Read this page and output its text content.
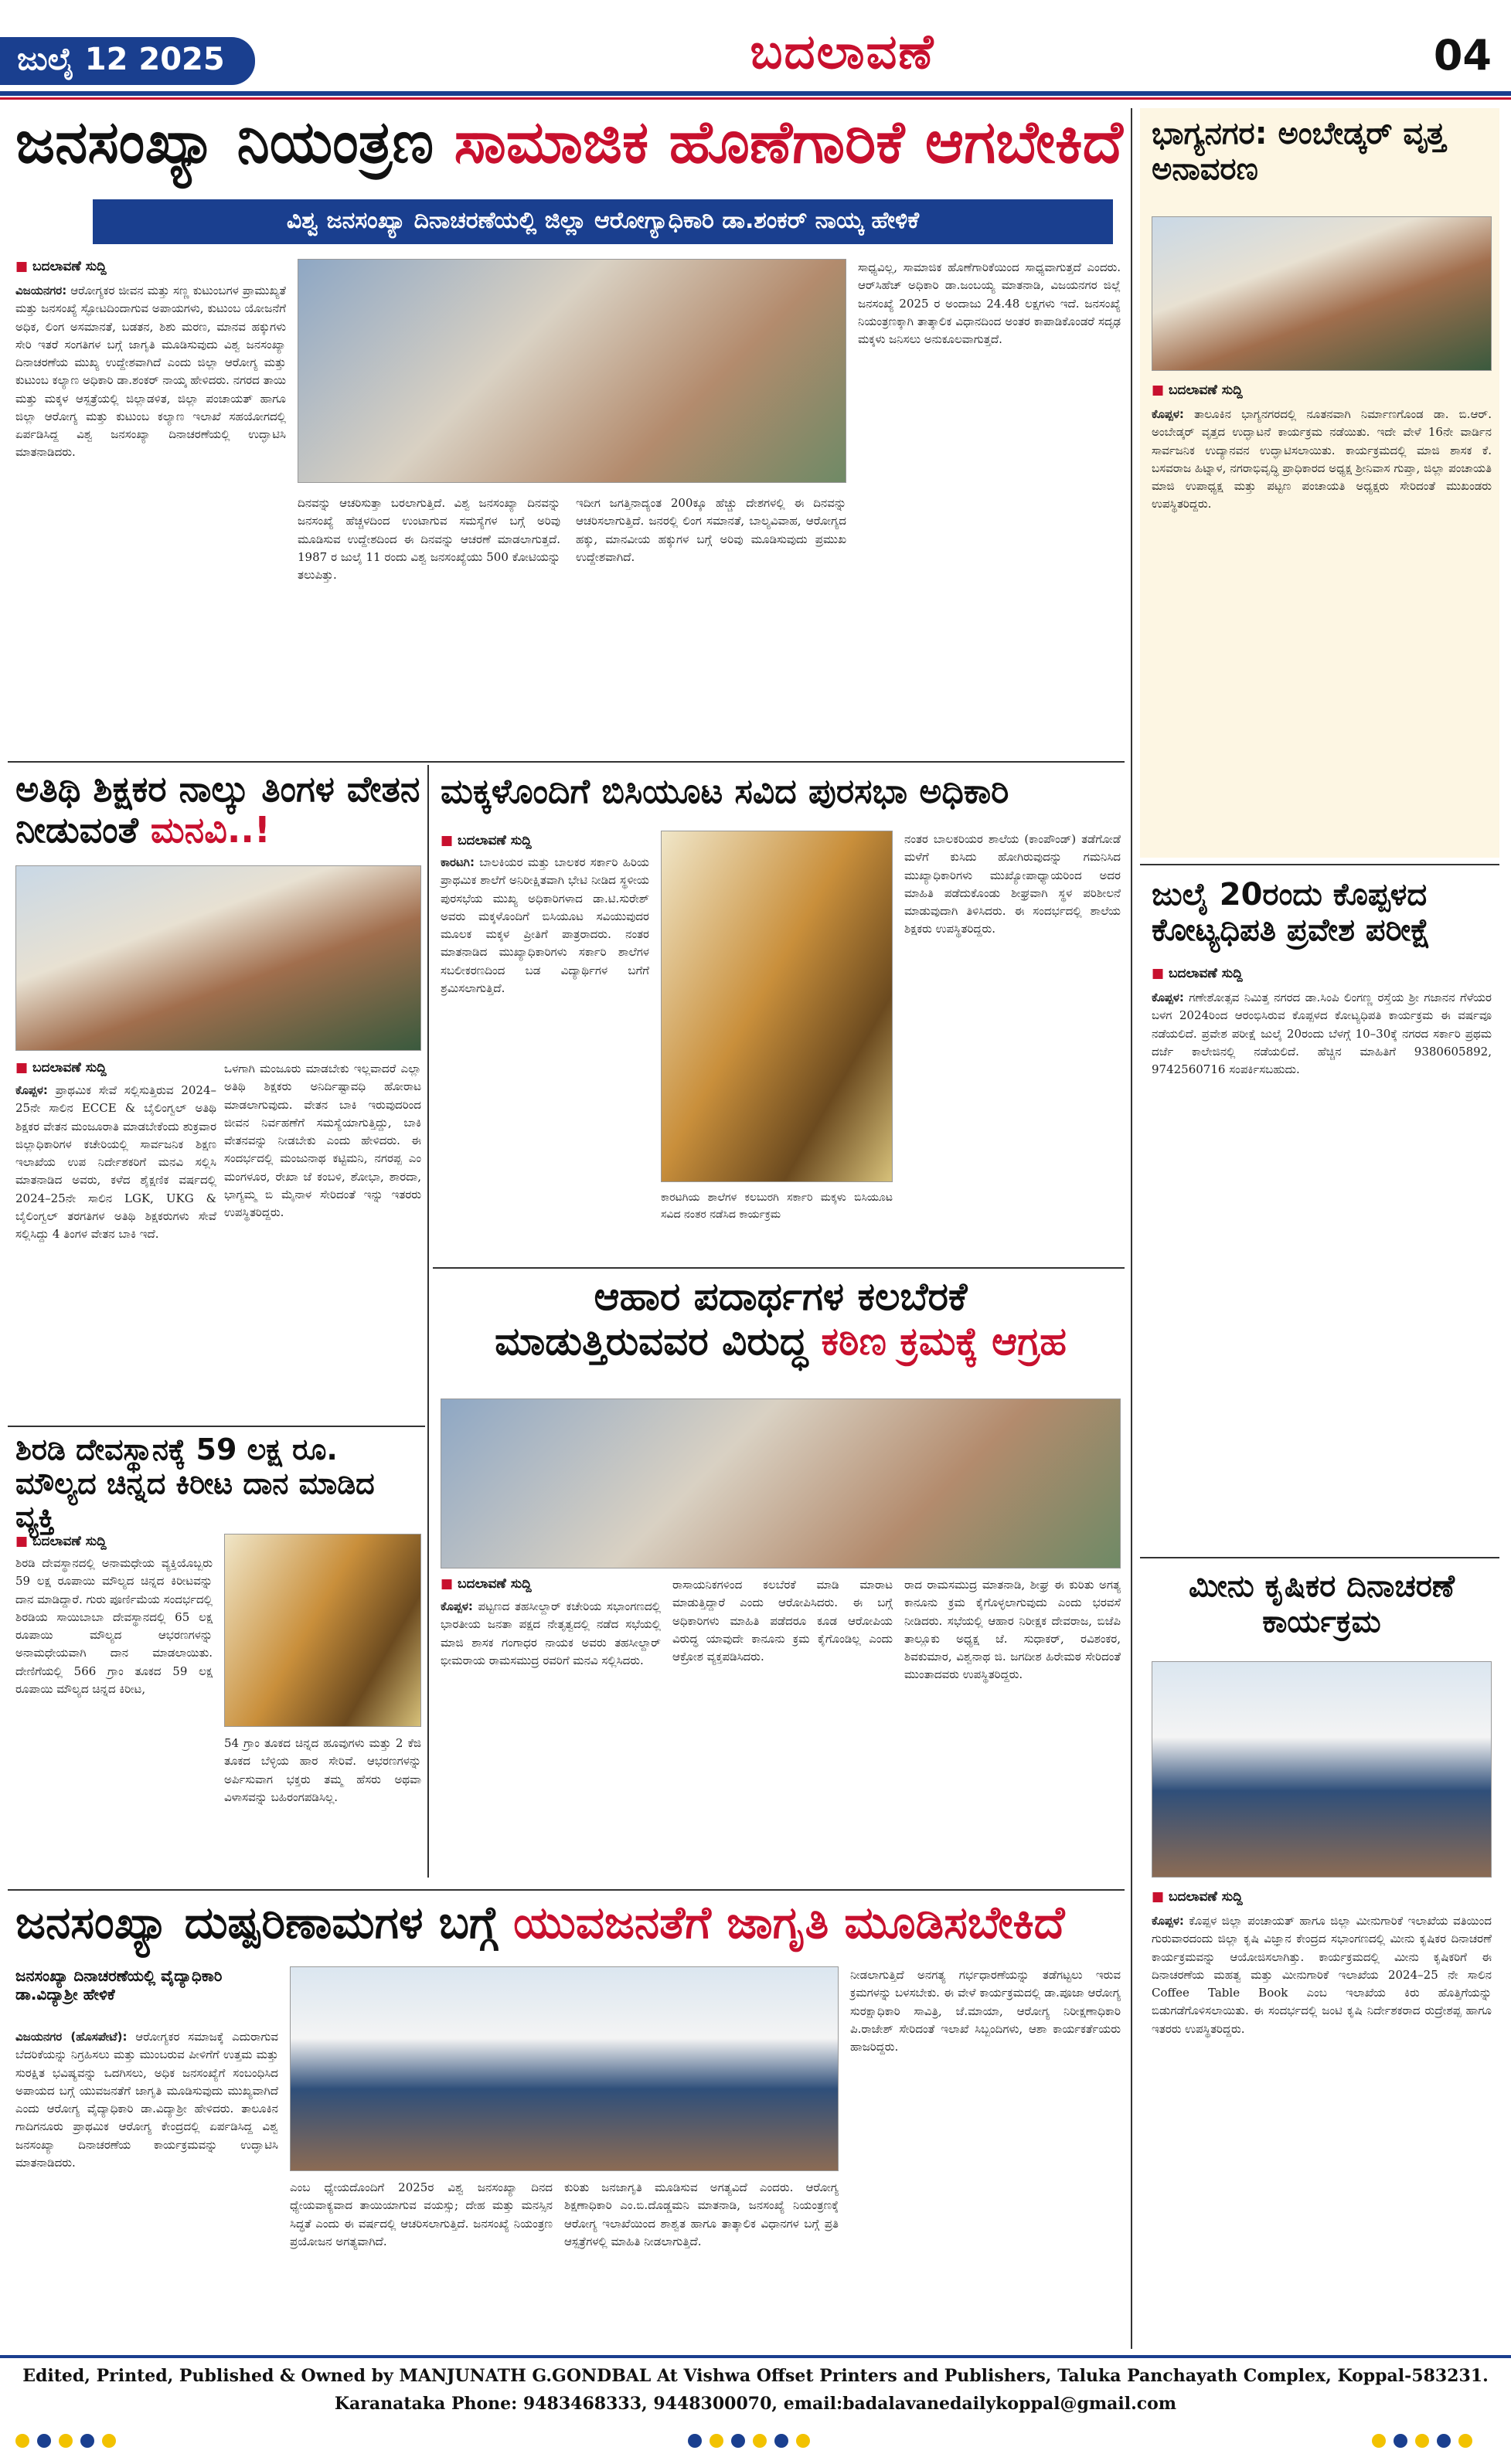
ಜುಲೈ 12 2025	ಬದಲಾವಣೆ	04
ಜನಸಂಖ್ಯಾ ನಿಯಂತ್ರಣ ಸಾಮಾಜಿಕ ಹೊಣೆಗಾರಿಕೆ ಆಗಬೇಕಿದೆ
ವಿಶ್ವ ಜನಸಂಖ್ಯಾ ದಿನಾಚರಣೆಯಲ್ಲಿ ಜಿಲ್ಲಾ ಆರೋಗ್ಯಾಧಿಕಾರಿ ಡಾ.ಶಂಕರ್ ನಾಯ್ಕ ಹೇಳಿಕೆ
■ ಬದಲಾವಣೆ ಸುದ್ದಿ
ವಿಜಯನಗರ: ಆರೋಗ್ಯಕರ ಜೀವನ ಮತ್ತು ಸಣ್ಣ ಕುಟುಂಬಗಳ ಪ್ರಾಮುಖ್ಯತೆ ಮತ್ತು ಜನಸಂಖ್ಯೆ ಸ್ಫೋಟದಿಂದಾಗುವ ಅಪಾಯಗಳು, ಕುಟುಂಬ ಯೋಜನೆಗೆ ಅಧಿಕ, ಲಿಂಗ ಅಸಮಾನತೆ, ಬಡತನ, ಶಿಶು ಮರಣ, ಮಾನವ ಹಕ್ಕುಗಳು ಸೇರಿ ಇತರೆ ಸಂಗತಿಗಳ ಬಗ್ಗೆ ಜಾಗೃತಿ ಮೂಡಿಸುವುದು ವಿಶ್ವ ಜನಸಂಖ್ಯಾ ದಿನಾಚರಣೆಯ ಮುಖ್ಯ ಉದ್ದೇಶವಾಗಿದೆ ಎಂದು ಜಿಲ್ಲಾ ಆರೋಗ್ಯ ಮತ್ತು ಕುಟುಂಬ ಕಲ್ಯಾಣ ಅಧಿಕಾರಿ ಡಾ.ಶಂಕರ್ ನಾಯ್ಕ ಹೇಳಿದರು. ನಗರದ ತಾಯಿ ಮತ್ತು ಮಕ್ಕಳ ಆಸ್ಪತ್ರೆಯಲ್ಲಿ ಜಿಲ್ಲಾಡಳಿತ, ಜಿಲ್ಲಾ ಪಂಚಾಯತ್ ಹಾಗೂ ಜಿಲ್ಲಾ ಆರೋಗ್ಯ ಮತ್ತು ಕುಟುಂಬ ಕಲ್ಯಾಣ ಇಲಾಖೆ ಸಹಯೋಗದಲ್ಲಿ ಏರ್ಪಡಿಸಿದ್ದ ವಿಶ್ವ ಜನಸಂಖ್ಯಾ ದಿನಾಚರಣೆಯಲ್ಲಿ ಉದ್ಘಾಟಿಸಿ ಮಾತನಾಡಿದರು.
ದಿನವನ್ನು ಆಚರಿಸುತ್ತಾ ಬರಲಾಗುತ್ತಿದೆ. ವಿಶ್ವ ಜನಸಂಖ್ಯಾ ದಿನವನ್ನು ಜನಸಂಖ್ಯೆ ಹೆಚ್ಚಳದಿಂದ ಉಂಟಾಗುವ ಸಮಸ್ಯೆಗಳ ಬಗ್ಗೆ ಅರಿವು ಮೂಡಿಸುವ ಉದ್ದೇಶದಿಂದ ಈ ದಿನವನ್ನು ಆಚರಣೆ ಮಾಡಲಾಗುತ್ತದೆ. 1987 ರ ಜುಲೈ 11 ರಂದು ವಿಶ್ವ ಜನಸಂಖ್ಯೆಯು 500 ಕೋಟಿಯನ್ನು ತಲುಪಿತ್ತು.
ಇದೀಗ ಜಗತ್ತಿನಾದ್ಯಂತ 200ಕ್ಕೂ ಹೆಚ್ಚು ದೇಶಗಳಲ್ಲಿ ಈ ದಿನವನ್ನು ಆಚರಿಸಲಾಗುತ್ತಿದೆ. ಜನರಲ್ಲಿ ಲಿಂಗ ಸಮಾನತೆ, ಬಾಲ್ಯವಿವಾಹ, ಆರೋಗ್ಯದ ಹಕ್ಕು, ಮಾನವೀಯ ಹಕ್ಕುಗಳ ಬಗ್ಗೆ ಅರಿವು ಮೂಡಿಸುವುದು ಪ್ರಮುಖ ಉದ್ದೇಶವಾಗಿದೆ.
ಸಾಧ್ಯವಿಲ್ಲ, ಸಾಮಾಜಿಕ ಹೊಣೆಗಾರಿಕೆಯಿಂದ ಸಾಧ್ಯವಾಗುತ್ತದೆ ಎಂದರು. ಆರ್‌ಸಿಹೆಚ್ ಅಧಿಕಾರಿ ಡಾ.ಜಂಬಯ್ಯ ಮಾತನಾಡಿ, ವಿಜಯನಗರ ಜಿಲ್ಲೆ ಜನಸಂಖ್ಯೆ 2025 ರ ಅಂದಾಜು 24.48 ಲಕ್ಷಗಳು ಇದೆ. ಜನಸಂಖ್ಯೆ ನಿಯಂತ್ರಣಕ್ಕಾಗಿ ತಾತ್ಕಾಲಿಕ ವಿಧಾನದಿಂದ ಅಂತರ ಕಾಪಾಡಿಕೊಂಡರೆ ಸದೃಢ ಮಕ್ಕಳು ಜನಿಸಲು ಅನುಕೂಲವಾಗುತ್ತದೆ.
ಭಾಗ್ಯನಗರ: ಅಂಬೇಡ್ಕರ್ ವೃತ್ತ ಅನಾವರಣ
■ ಬದಲಾವಣೆ ಸುದ್ದಿ
ಕೊಪ್ಪಳ: ತಾಲೂಕಿನ ಭಾಗ್ಯನಗರದಲ್ಲಿ ನೂತನವಾಗಿ ನಿರ್ಮಾಣಗೊಂಡ ಡಾ. ಬಿ.ಆರ್. ಅಂಬೇಡ್ಕರ್ ವೃತ್ತದ ಉದ್ಘಾಟನೆ ಕಾರ್ಯಕ್ರಮ ನಡೆಯಿತು. ಇದೇ ವೇಳೆ 16ನೇ ವಾರ್ಡಿನ ಸಾರ್ವಜನಿಕ ಉದ್ಯಾನವನ ಉದ್ಘಾಟಿಸಲಾಯಿತು. ಕಾರ್ಯಕ್ರಮದಲ್ಲಿ ಮಾಜಿ ಶಾಸಕ ಕೆ. ಬಸವರಾಜ ಹಿಟ್ನಾಳ, ನಗರಾಭಿವೃದ್ಧಿ ಪ್ರಾಧಿಕಾರದ ಅಧ್ಯಕ್ಷ ಶ್ರೀನಿವಾಸ ಗುಪ್ತಾ, ಜಿಲ್ಲಾ ಪಂಚಾಯತಿ ಮಾಜಿ ಉಪಾಧ್ಯಕ್ಷ ಮತ್ತು ಪಟ್ಟಣ ಪಂಚಾಯತಿ ಅಧ್ಯಕ್ಷರು ಸೇರಿದಂತೆ ಮುಖಂಡರು ಉಪಸ್ಥಿತರಿದ್ದರು.
ಜುಲೈ 20ರಂದು ಕೊಪ್ಪಳದ ಕೋಟ್ಯಧಿಪತಿ ಪ್ರವೇಶ ಪರೀಕ್ಷೆ
■ ಬದಲಾವಣೆ ಸುದ್ದಿ
ಕೊಪ್ಪಳ: ಗಣೇಶೋತ್ಸವ ನಿಮಿತ್ತ ನಗರದ ಡಾ.ಸಿಂಪಿ ಲಿಂಗಣ್ಣ ರಸ್ತೆಯ ಶ್ರೀ ಗಜಾನನ ಗೆಳೆಯರ ಬಳಗ 2024ರಿಂದ ಆರಂಭಿಸಿರುವ ಕೊಪ್ಪಳದ ಕೋಟ್ಯಧಿಪತಿ ಕಾರ್ಯಕ್ರಮ ಈ ವರ್ಷವೂ ನಡೆಯಲಿದೆ. ಪ್ರವೇಶ ಪರೀಕ್ಷೆ ಜುಲೈ 20ರಂದು ಬೆಳಗ್ಗೆ 10–30ಕ್ಕೆ ನಗರದ ಸರ್ಕಾರಿ ಪ್ರಥಮ ದರ್ಜೆ ಕಾಲೇಜಿನಲ್ಲಿ ನಡೆಯಲಿದೆ. ಹೆಚ್ಚಿನ ಮಾಹಿತಿಗೆ 9380605892, 9742560716 ಸಂಪರ್ಕಿಸಬಹುದು.
ಮೀನು ಕೃಷಿಕರ ದಿನಾಚರಣೆ ಕಾರ್ಯಕ್ರಮ
■ ಬದಲಾವಣೆ ಸುದ್ದಿ
ಕೊಪ್ಪಳ: ಕೊಪ್ಪಳ ಜಿಲ್ಲಾ ಪಂಚಾಯತ್ ಹಾಗೂ ಜಿಲ್ಲಾ ಮೀನುಗಾರಿಕೆ ಇಲಾಖೆಯ ವತಿಯಿಂದ ಗುರುವಾರದಂದು ಜಿಲ್ಲಾ ಕೃಷಿ ವಿಜ್ಞಾನ ಕೇಂದ್ರದ ಸಭಾಂಗಣದಲ್ಲಿ ಮೀನು ಕೃಷಿಕರ ದಿನಾಚರಣೆ ಕಾರ್ಯಕ್ರಮವನ್ನು ಆಯೋಜಿಸಲಾಗಿತ್ತು. ಕಾರ್ಯಕ್ರಮದಲ್ಲಿ ಮೀನು ಕೃಷಿಕರಿಗೆ ಈ ದಿನಾಚರಣೆಯ ಮಹತ್ವ ಮತ್ತು ಮೀನುಗಾರಿಕೆ ಇಲಾಖೆಯ 2024–25 ನೇ ಸಾಲಿನ Coffee Table Book ಎಂಬ ಇಲಾಖೆಯ ಕಿರು ಹೊತ್ತಿಗೆಯನ್ನು ಬಿಡುಗಡೆಗೊಳಿಸಲಾಯಿತು. ಈ ಸಂದರ್ಭದಲ್ಲಿ ಜಂಟಿ ಕೃಷಿ ನಿರ್ದೇಶಕರಾದ ರುದ್ರೇಶಪ್ಪ ಹಾಗೂ ಇತರರು ಉಪಸ್ಥಿತರಿದ್ದರು.
ಅತಿಥಿ ಶಿಕ್ಷಕರ ನಾಲ್ಕು ತಿಂಗಳ ವೇತನ ನೀಡುವಂತೆ ಮನವಿ..!
■ ಬದಲಾವಣೆ ಸುದ್ದಿ
ಕೊಪ್ಪಳ: ಪ್ರಾಥಮಿಕ ಸೇವೆ ಸಲ್ಲಿಸುತ್ತಿರುವ 2024–25ನೇ ಸಾಲಿನ ECCE & ಬೈಲಿಂಗ್ವಲ್ ಅತಿಥಿ ಶಿಕ್ಷಕರ ವೇತನ ಮಂಜೂರಾತಿ ಮಾಡಬೇಕೆಂದು ಶುಕ್ರವಾರ ಜಿಲ್ಲಾಧಿಕಾರಿಗಳ ಕಚೇರಿಯಲ್ಲಿ ಸಾರ್ವಜನಿಕ ಶಿಕ್ಷಣ ಇಲಾಖೆಯ ಉಪ ನಿರ್ದೇಶಕರಿಗೆ ಮನವಿ ಸಲ್ಲಿಸಿ ಮಾತನಾಡಿದ ಅವರು, ಕಳೆದ ಶೈಕ್ಷಣಿಕ ವರ್ಷದಲ್ಲಿ 2024–25ನೇ ಸಾಲಿನ LGK, UKG & ಬೈಲಿಂಗ್ವಲ್ ತರಗತಿಗಳ ಅತಿಥಿ ಶಿಕ್ಷಕರುಗಳು ಸೇವೆ ಸಲ್ಲಿಸಿದ್ದು 4 ತಿಂಗಳ ವೇತನ ಬಾಕಿ ಇದೆ.
ಒಳಗಾಗಿ ಮಂಜೂರು ಮಾಡಬೇಕು ಇಲ್ಲವಾದರೆ ಎಲ್ಲಾ ಅತಿಥಿ ಶಿಕ್ಷಕರು ಅನಿರ್ದಿಷ್ಟಾವಧಿ ಹೋರಾಟ ಮಾಡಲಾಗುವುದು. ವೇತನ ಬಾಕಿ ಇರುವುದರಿಂದ ಜೀವನ ನಿರ್ವಹಣೆಗೆ ಸಮಸ್ಯೆಯಾಗುತ್ತಿದ್ದು, ಬಾಕಿ ವೇತನವನ್ನು ನೀಡಬೇಕು ಎಂದು ಹೇಳಿದರು. ಈ ಸಂದರ್ಭದಲ್ಲಿ ಮಂಜುನಾಥ ಕಟ್ಟಿಮನಿ, ನಗರಪ್ಪ ಎಂ ಮಂಗಳೂರ, ರೇಖಾ ಜೆ ಕಂಬಳಿ, ಶೋಭಾ, ಶಾರದಾ, ಭಾಗ್ಯಮ್ಮ ಬಿ ಮೈನಾಳ ಸೇರಿದಂತೆ ಇನ್ನು ಇತರರು ಉಪಸ್ಥಿತರಿದ್ದರು.
ಮಕ್ಕಳೊಂದಿಗೆ ಬಿಸಿಯೂಟ ಸವಿದ ಪುರಸಭಾ ಅಧಿಕಾರಿ
■ ಬದಲಾವಣೆ ಸುದ್ದಿ
ಕಾರಟಗಿ: ಬಾಲಕಿಯರ ಮತ್ತು ಬಾಲಕರ ಸರ್ಕಾರಿ ಹಿರಿಯ ಪ್ರಾಥಮಿಕ ಶಾಲೆಗೆ ಅನಿರೀಕ್ಷಿತವಾಗಿ ಭೇಟಿ ನೀಡಿದ ಸ್ಥಳೀಯ ಪುರಸಭೆಯ ಮುಖ್ಯ ಅಧಿಕಾರಿಗಳಾದ ಡಾ.ಟಿ.ಸುರೇಶ್ ಅವರು ಮಕ್ಕಳೊಂದಿಗೆ ಬಿಸಿಯೂಟ ಸವಿಯುವುದರ ಮೂಲಕ ಮಕ್ಕಳ ಪ್ರೀತಿಗೆ ಪಾತ್ರರಾದರು. ನಂತರ ಮಾತನಾಡಿದ ಮುಖ್ಯಾಧಿಕಾರಿಗಳು ಸರ್ಕಾರಿ ಶಾಲೆಗಳ ಸಬಲೀಕರಣದಿಂದ ಬಡ ವಿದ್ಯಾರ್ಥಿಗಳ ಬಗೆಗೆ ಶ್ರಮಿಸಲಾಗುತ್ತಿದೆ.
ಕಾರಟಗಿಯ ಶಾಲೆಗಳ ಕಲಬುರಗಿ ಸರ್ಕಾರಿ ಮಕ್ಕಳು ಬಿಸಿಯೂಟ ಸವಿದ ನಂತರ ನಡೆಸಿದ ಕಾರ್ಯಕ್ರಮ
ನಂತರ ಬಾಲಕರಿಯರ ಶಾಲೆಯ (ಕಾಂಪೌಂಡ್) ತಡೆಗೋಡೆ ಮಳೆಗೆ ಕುಸಿದು ಹೋಗಿರುವುದನ್ನು ಗಮನಿಸಿದ ಮುಖ್ಯಾಧಿಕಾರಿಗಳು ಮುಖ್ಯೋಪಾಧ್ಯಾಯರಿಂದ ಅದರ ಮಾಹಿತಿ ಪಡೆದುಕೊಂಡು ಶೀಘ್ರವಾಗಿ ಸ್ಥಳ ಪರಿಶೀಲನೆ ಮಾಡುವುದಾಗಿ ತಿಳಿಸಿದರು. ಈ ಸಂದರ್ಭದಲ್ಲಿ ಶಾಲೆಯ ಶಿಕ್ಷಕರು ಉಪಸ್ಥಿತರಿದ್ದರು.
ಆಹಾರ ಪದಾರ್ಥಗಳ ಕಲಬೆರಕೆ
ಮಾಡುತ್ತಿರುವವರ ವಿರುದ್ಧ ಕಠಿಣ ಕ್ರಮಕ್ಕೆ ಆಗ್ರಹ
■ ಬದಲಾವಣೆ ಸುದ್ದಿ
ಕೊಪ್ಪಳ: ಪಟ್ಟಣದ ತಹಸೀಲ್ದಾರ್ ಕಚೇರಿಯ ಸಭಾಂಗಣದಲ್ಲಿ ಭಾರತೀಯ ಜನತಾ ಪಕ್ಷದ ನೇತೃತ್ವದಲ್ಲಿ ನಡೆದ ಸಭೆಯಲ್ಲಿ ಮಾಜಿ ಶಾಸಕ ಗಂಗಾಧರ ನಾಯಕ ಅವರು ತಹಸೀಲ್ದಾರ್ ಭೀಮರಾಯ ರಾಮಸಮುದ್ರ ರವರಿಗೆ ಮನವಿ ಸಲ್ಲಿಸಿದರು.
ರಾಸಾಯನಿಕಗಳಿಂದ ಕಲಬೆರಕೆ ಮಾಡಿ ಮಾರಾಟ ಮಾಡುತ್ತಿದ್ದಾರೆ ಎಂದು ಆರೋಪಿಸಿದರು. ಈ ಬಗ್ಗೆ ಅಧಿಕಾರಿಗಳು ಮಾಹಿತಿ ಪಡೆದರೂ ಕೂಡ ಆರೋಪಿಯ ವಿರುದ್ಧ ಯಾವುದೇ ಕಾನೂನು ಕ್ರಮ ಕೈಗೊಂಡಿಲ್ಲ ಎಂದು ಆಕ್ರೋಶ ವ್ಯಕ್ತಪಡಿಸಿದರು.
ರಾದ ರಾಮಸಮುದ್ರ ಮಾತನಾಡಿ, ಶೀಘ್ರ ಈ ಕುರಿತು ಅಗತ್ಯ ಕಾನೂನು ಕ್ರಮ ಕೈಗೊಳ್ಳಲಾಗುವುದು ಎಂದು ಭರವಸೆ ನೀಡಿದರು. ಸಭೆಯಲ್ಲಿ ಆಹಾರ ನಿರೀಕ್ಷಕ ದೇವರಾಜ, ಬಿಜೆಪಿ ತಾಲ್ಲೂಕು ಅಧ್ಯಕ್ಷ ಜೆ. ಸುಧಾಕರ್, ರವಿಶಂಕರ, ಶಿವಕುಮಾರ, ವಿಶ್ವನಾಥ ಜಿ. ಜಗದೀಶ ಹಿರೇಮಠ ಸೇರಿದಂತೆ ಮುಂತಾದವರು ಉಪಸ್ಥಿತರಿದ್ದರು.
ಶಿರಡಿ ದೇವಸ್ಥಾನಕ್ಕೆ 59 ಲಕ್ಷ ರೂ. ಮೌಲ್ಯದ ಚಿನ್ನದ ಕಿರೀಟ ದಾನ ಮಾಡಿದ ವ್ಯಕ್ತಿ
■ ಬದಲಾವಣೆ ಸುದ್ದಿ
ಶಿರಡಿ ದೇವಸ್ಥಾನದಲ್ಲಿ ಅನಾಮಧೇಯ ವ್ಯಕ್ತಿಯೊಬ್ಬರು 59 ಲಕ್ಷ ರೂಪಾಯಿ ಮೌಲ್ಯದ ಚಿನ್ನದ ಕಿರೀಟವನ್ನು ದಾನ ಮಾಡಿದ್ದಾರೆ. ಗುರು ಪೂರ್ಣಿಮೆಯ ಸಂದರ್ಭದಲ್ಲಿ ಶಿರಡಿಯ ಸಾಯಿಬಾಬಾ ದೇವಸ್ಥಾನದಲ್ಲಿ 65 ಲಕ್ಷ ರೂಪಾಯಿ ಮೌಲ್ಯದ ಆಭರಣಗಳನ್ನು ಅನಾಮಧೇಯವಾಗಿ ದಾನ ಮಾಡಲಾಯಿತು. ದೇಣಿಗೆಯಲ್ಲಿ 566 ಗ್ರಾಂ ತೂಕದ 59 ಲಕ್ಷ ರೂಪಾಯಿ ಮೌಲ್ಯದ ಚಿನ್ನದ ಕಿರೀಟ,
54 ಗ್ರಾಂ ತೂಕದ ಚಿನ್ನದ ಹೂವುಗಳು ಮತ್ತು 2 ಕೆಜಿ ತೂಕದ ಬೆಳ್ಳಿಯ ಹಾರ ಸೇರಿವೆ. ಆಭರಣಗಳನ್ನು ಅರ್ಪಿಸುವಾಗ ಭಕ್ತರು ತಮ್ಮ ಹೆಸರು ಅಥವಾ ವಿಳಾಸವನ್ನು ಬಹಿರಂಗಪಡಿಸಿಲ್ಲ.
ಜನಸಂಖ್ಯಾ ದುಷ್ಪರಿಣಾಮಗಳ ಬಗ್ಗೆ ಯುವಜನತೆಗೆ ಜಾಗೃತಿ ಮೂಡಿಸಬೇಕಿದೆ
ಜನಸಂಖ್ಯಾ ದಿನಾಚರಣೆಯಲ್ಲಿ ವೈದ್ಯಾಧಿಕಾರಿ ಡಾ.ವಿದ್ಯಾಶ್ರೀ ಹೇಳಿಕೆ
ವಿಜಯನಗರ (ಹೊಸಪೇಟೆ): ಆರೋಗ್ಯಕರ ಸಮಾಜಕ್ಕೆ ಎದುರಾಗುವ ಬೆದರಿಕೆಯನ್ನು ನಿಗ್ರಹಿಸಲು ಮತ್ತು ಮುಂಬರುವ ಪೀಳಿಗೆಗೆ ಉತ್ತಮ ಮತ್ತು ಸುರಕ್ಷಿತ ಭವಿಷ್ಯವನ್ನು ಒದಗಿಸಲು, ಅಧಿಕ ಜನಸಂಖ್ಯೆಗೆ ಸಂಬಂಧಿಸಿದ ಅಪಾಯದ ಬಗ್ಗೆ ಯುವಜನತೆಗೆ ಜಾಗೃತಿ ಮೂಡಿಸುವುದು ಮುಖ್ಯವಾಗಿದೆ ಎಂದು ಆರೋಗ್ಯ ವೈದ್ಯಾಧಿಕಾರಿ ಡಾ.ವಿದ್ಯಾಶ್ರೀ ಹೇಳಿದರು. ತಾಲೂಕಿನ ಗಾದಿಗನೂರು ಪ್ರಾಥಮಿಕ ಆರೋಗ್ಯ ಕೇಂದ್ರದಲ್ಲಿ ಏರ್ಪಡಿಸಿದ್ದ ವಿಶ್ವ ಜನಸಂಖ್ಯಾ ದಿನಾಚರಣೆಯ ಕಾರ್ಯಕ್ರಮವನ್ನು ಉದ್ಘಾಟಿಸಿ ಮಾತನಾಡಿದರು.
ಎಂಬ ಧ್ಯೇಯದೊಂದಿಗೆ 2025ರ ವಿಶ್ವ ಜನಸಂಖ್ಯಾ ದಿನದ ಧ್ಯೇಯವಾಕ್ಯವಾದ ತಾಯಿಯಾಗುವ ವಯಸ್ಸು; ದೇಹ ಮತ್ತು ಮನಸ್ಸಿನ ಸಿದ್ಧತೆ ಎಂದು ಈ ವರ್ಷದಲ್ಲಿ ಆಚರಿಸಲಾಗುತ್ತಿದೆ. ಜನಸಂಖ್ಯೆ ನಿಯಂತ್ರಣ ಪ್ರಯೋಜನ ಅಗತ್ಯವಾಗಿದೆ.
ಕುರಿತು ಜನಜಾಗೃತಿ ಮೂಡಿಸುವ ಅಗತ್ಯವಿದೆ ಎಂದರು. ಆರೋಗ್ಯ ಶಿಕ್ಷಣಾಧಿಕಾರಿ ಎಂ.ಬಿ.ದೊಡ್ಡಮನಿ ಮಾತನಾಡಿ, ಜನಸಂಖ್ಯೆ ನಿಯಂತ್ರಣಕ್ಕೆ ಆರೋಗ್ಯ ಇಲಾಖೆಯಿಂದ ಶಾಶ್ವತ ಹಾಗೂ ತಾತ್ಕಾಲಿಕ ವಿಧಾನಗಳ ಬಗ್ಗೆ ಪ್ರತಿ ಆಸ್ಪತ್ರೆಗಳಲ್ಲಿ ಮಾಹಿತಿ ನೀಡಲಾಗುತ್ತಿದೆ.
ನೀಡಲಾಗುತ್ತಿದೆ ಅನಗತ್ಯ ಗರ್ಭಧಾರಣೆಯನ್ನು ತಡೆಗಟ್ಟಲು ಇರುವ ಕ್ರಮಗಳನ್ನು ಬಳಸಬೇಕು. ಈ ವೇಳೆ ಕಾರ್ಯಕ್ರಮದಲ್ಲಿ ಡಾ.ಪೂಜಾ ಆರೋಗ್ಯ ಸುರಕ್ಷಾಧಿಕಾರಿ ಸಾವಿತ್ರಿ, ಜೆ.ಮಾಯಾ, ಆರೋಗ್ಯ ನಿರೀಕ್ಷಣಾಧಿಕಾರಿ ಪಿ.ರಾಜೇಶ್ ಸೇರಿದಂತೆ ಇಲಾಖೆ ಸಿಬ್ಬಂದಿಗಳು, ಆಶಾ ಕಾರ್ಯಕರ್ತೆಯರು ಹಾಜರಿದ್ದರು.
Edited, Printed, Published & Owned by MANJUNATH G.GONDBAL At Vishwa Offset Printers and Publishers, Taluka Panchayath Complex, Koppal-583231.
Karanataka Phone: 9483468333, 9448300070, email:badalavanedailykoppal@gmail.com
